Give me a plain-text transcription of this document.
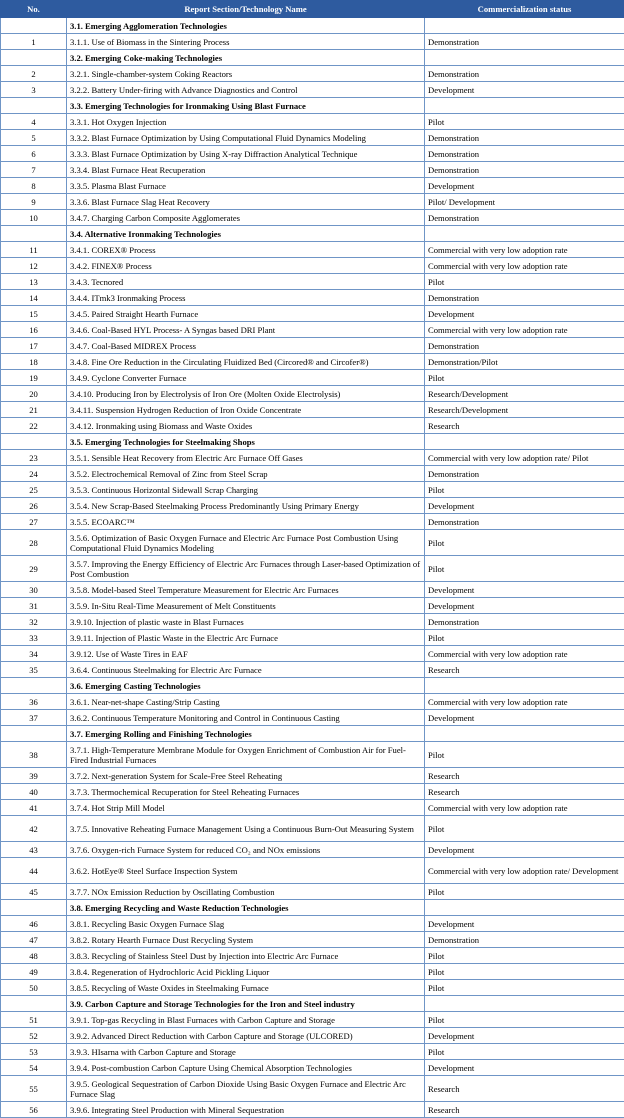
No.	Report Section/Technology Name	Commercialization status
	3.1. Emerging Agglomeration Technologies	
1	3.1.1. Use of Biomass in the Sintering Process	Demonstration
	3.2. Emerging Coke-making Technologies	
2	3.2.1. Single-chamber-system Coking Reactors	Demonstration
3	3.2.2. Battery Under-firing with Advance Diagnostics and Control	Development
	3.3. Emerging Technologies for Ironmaking Using Blast Furnace	
4	3.3.1. Hot Oxygen Injection	Pilot
5	3.3.2. Blast Furnace Optimization by Using Computational Fluid Dynamics Modeling	Demonstration
6	3.3.3. Blast Furnace Optimization by Using X-ray Diffraction Analytical Technique	Demonstration
7	3.3.4. Blast Furnace Heat Recuperation	Demonstration
8	3.3.5. Plasma Blast Furnace	Development
9	3.3.6. Blast Furnace Slag Heat Recovery	Pilot/ Development
10	3.4.7. Charging Carbon Composite Agglomerates	Demonstration
	3.4. Alternative Ironmaking Technologies	
11	3.4.1. COREX® Process	Commercial with very low adoption rate
12	3.4.2. FINEX® Process	Commercial with very low adoption rate
13	3.4.3. Tecnored	Pilot
14	3.4.4. ITmk3 Ironmaking Process	Demonstration
15	3.4.5. Paired Straight Hearth Furnace	Development
16	3.4.6. Coal-Based HYL Process- A Syngas based DRI Plant	Commercial with very low adoption rate
17	3.4.7. Coal-Based MIDREX Process	Demonstration
18	3.4.8. Fine Ore Reduction in the Circulating Fluidized Bed (Circored® and Circofer®)	Demonstration/Pilot
19	3.4.9. Cyclone Converter Furnace	Pilot
20	3.4.10. Producing Iron by Electrolysis of Iron Ore (Molten Oxide Electrolysis)	Research/Development
21	3.4.11. Suspension Hydrogen Reduction of Iron Oxide Concentrate	Research/Development
22	3.4.12. Ironmaking using Biomass and Waste Oxides	Research
	3.5. Emerging Technologies for Steelmaking Shops	
23	3.5.1. Sensible Heat Recovery from Electric Arc Furnace Off Gases	Commercial with very low adoption rate/ Pilot
24	3.5.2. Electrochemical Removal of Zinc from Steel Scrap	Demonstration
25	3.5.3. Continuous Horizontal Sidewall Scrap Charging	Pilot
26	3.5.4. New Scrap-Based Steelmaking Process Predominantly Using Primary Energy	Development
27	3.5.5. ECOARC™	Demonstration
28	3.5.6. Optimization of Basic Oxygen Furnace and Electric Arc Furnace Post Combustion Using Computational Fluid Dynamics Modeling	Pilot
29	3.5.7. Improving the Energy Efficiency of Electric Arc Furnaces through Laser-based Optimization of Post Combustion	Pilot
30	3.5.8. Model-based Steel Temperature Measurement for Electric Arc Furnaces	Development
31	3.5.9. In-Situ Real-Time Measurement of Melt Constituents	Development
32	3.9.10. Injection of plastic waste in Blast Furnaces	Demonstration
33	3.9.11. Injection of Plastic Waste in the Electric Arc Furnace	Pilot
34	3.9.12. Use of Waste Tires in EAF	Commercial with very low adoption rate
35	3.6.4. Continuous Steelmaking for Electric Arc Furnace	Research
	3.6. Emerging Casting Technologies	
36	3.6.1. Near-net-shape Casting/Strip Casting	Commercial with very low adoption rate
37	3.6.2. Continuous Temperature Monitoring and Control in Continuous Casting	Development
	3.7. Emerging Rolling and Finishing Technologies	
38	3.7.1. High-Temperature Membrane Module for Oxygen Enrichment of Combustion Air for Fuel-Fired Industrial Furnaces	Pilot
39	3.7.2. Next-generation System for Scale-Free Steel Reheating	Research
40	3.7.3. Thermochemical Recuperation for Steel Reheating Furnaces	Research
41	3.7.4. Hot Strip Mill Model	Commercial with very low adoption rate
42	3.7.5. Innovative Reheating Furnace Management Using a Continuous Burn-Out Measuring System	Pilot
43	3.7.6. Oxygen-rich Furnace System for reduced CO₂ and NOx emissions	Development
44	3.6.2. HotEye® Steel Surface Inspection System	Commercial with very low adoption rate/ Development
45	3.7.7. NOx Emission Reduction by Oscillating Combustion	Pilot
	3.8. Emerging Recycling and Waste Reduction Technologies	
46	3.8.1. Recycling Basic Oxygen Furnace Slag	Development
47	3.8.2. Rotary Hearth Furnace Dust Recycling System	Demonstration
48	3.8.3. Recycling of Stainless Steel Dust by Injection into Electric Arc Furnace	Pilot
49	3.8.4. Regeneration of Hydrochloric Acid Pickling Liquor	Pilot
50	3.8.5. Recycling of Waste Oxides in Steelmaking Furnace	Pilot
	3.9. Carbon Capture and Storage Technologies for the Iron and Steel industry	
51	3.9.1. Top-gas Recycling in Blast Furnaces with Carbon Capture and Storage	Pilot
52	3.9.2. Advanced Direct Reduction with Carbon Capture and Storage (ULCORED)	Development
53	3.9.3. HIsarna with Carbon Capture and Storage	Pilot
54	3.9.4. Post-combustion Carbon Capture Using Chemical Absorption Technologies	Development
55	3.9.5. Geological Sequestration of Carbon Dioxide Using Basic Oxygen Furnace and Electric Arc Furnace Slag	Research
56	3.9.6. Integrating Steel Production with Mineral Sequestration	Research
